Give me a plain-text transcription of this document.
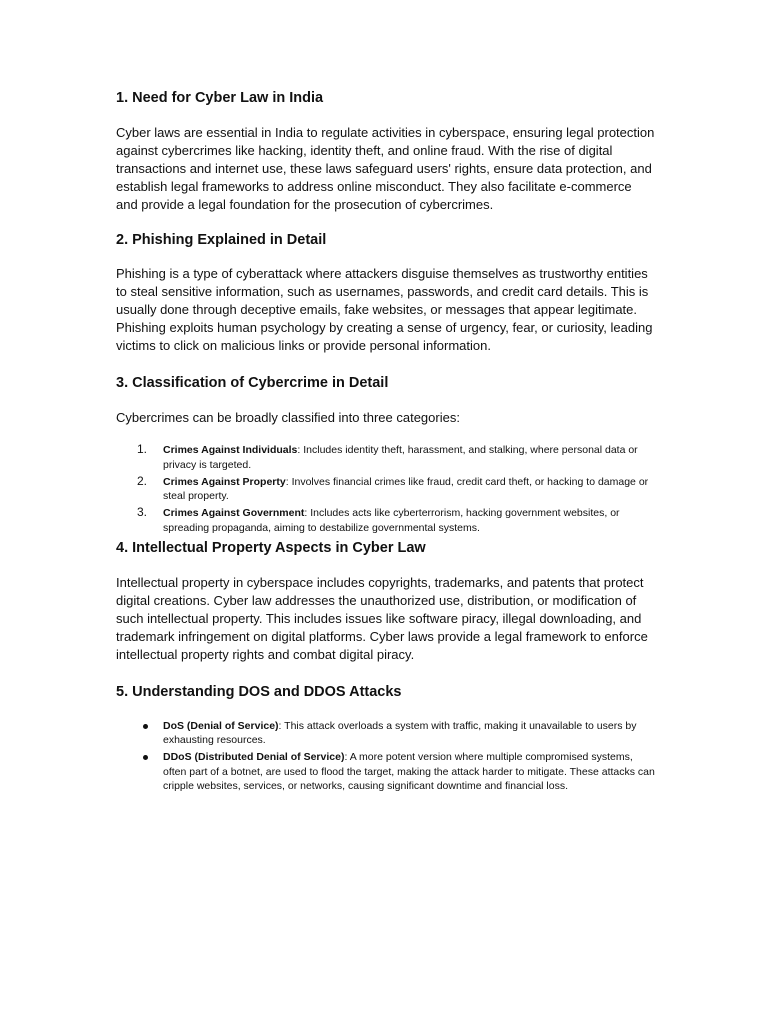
1. Need for Cyber Law in India

Cyber laws are essential in India to regulate activities in cyberspace, ensuring legal protection against cybercrimes like hacking, identity theft, and online fraud. With the rise of digital transactions and internet use, these laws safeguard users' rights, ensure data protection, and establish legal frameworks to address online misconduct. They also facilitate e-commerce and provide a legal foundation for the prosecution of cybercrimes.

2. Phishing Explained in Detail

Phishing is a type of cyberattack where attackers disguise themselves as trustworthy entities to steal sensitive information, such as usernames, passwords, and credit card details. This is usually done through deceptive emails, fake websites, or messages that appear legitimate. Phishing exploits human psychology by creating a sense of urgency, fear, or curiosity, leading victims to click on malicious links or provide personal information.

3. Classification of Cybercrime in Detail

Cybercrimes can be broadly classified into three categories:

1. Crimes Against Individuals: Includes identity theft, harassment, and stalking, where personal data or privacy is targeted.
2. Crimes Against Property: Involves financial crimes like fraud, credit card theft, or hacking to damage or steal property.
3. Crimes Against Government: Includes acts like cyberterrorism, hacking government websites, or spreading propaganda, aiming to destabilize governmental systems.
4. Intellectual Property Aspects in Cyber Law

Intellectual property in cyberspace includes copyrights, trademarks, and patents that protect digital creations. Cyber law addresses the unauthorized use, distribution, or modification of such intellectual property. This includes issues like software piracy, illegal downloading, and trademark infringement on digital platforms. Cyber laws provide a legal framework to enforce intellectual property rights and combat digital piracy.

5. Understanding DOS and DDOS Attacks
DoS (Denial of Service): This attack overloads a system with traffic, making it unavailable to users by exhausting resources.
DDoS (Distributed Denial of Service): A more potent version where multiple compromised systems, often part of a botnet, are used to flood the target, making the attack harder to mitigate. These attacks can cripple websites, services, or networks, causing significant downtime and financial loss.
